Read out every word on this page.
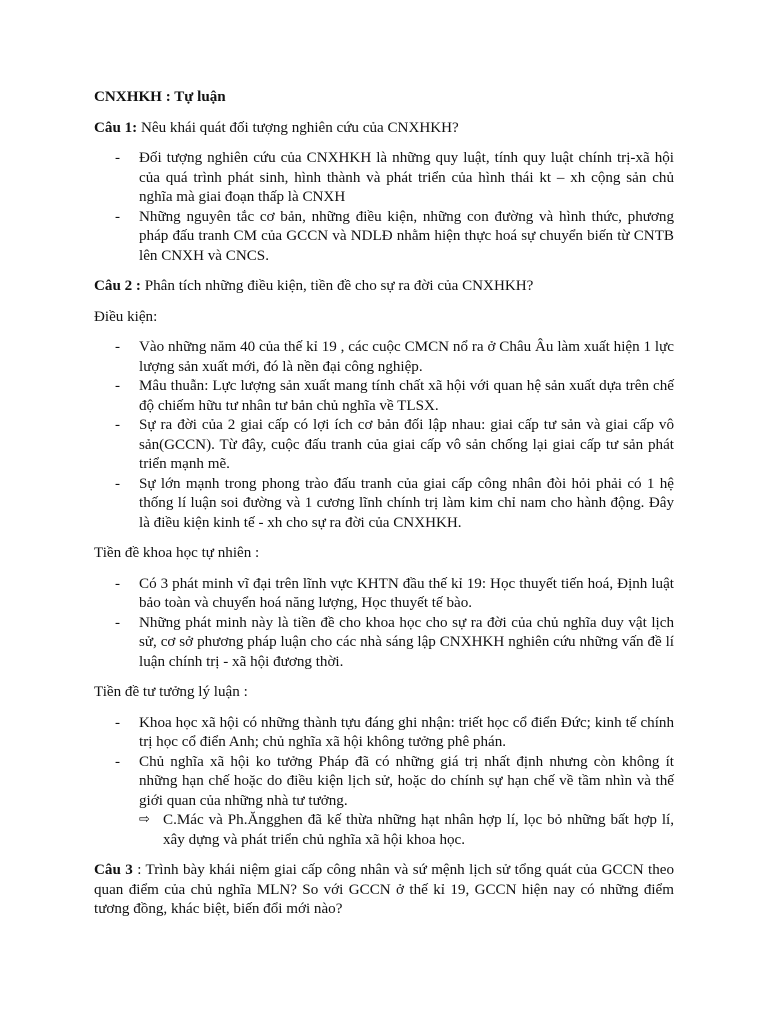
CNXHKH : Tự luận
Câu 1: Nêu khái quát đối tượng nghiên cứu của CNXHKH?
- Đối tượng nghiên cứu của CNXHKH là những quy luật, tính quy luật chính trị-xã hội của quá trình phát sinh, hình thành và phát triển của hình thái kt – xh cộng sản chủ nghĩa mà giai đoạn thấp là CNXH
- Những nguyên tắc cơ bản, những điều kiện, những con đường và hình thức, phương pháp đấu tranh CM của GCCN và NDLĐ nhằm hiện thực hoá sự chuyển biến từ CNTB lên CNXH và CNCS.
Câu 2 : Phân tích những điều kiện, tiền đề cho sự ra đời của CNXHKH?
Điều kiện:
- Vào những năm 40 của thế kỉ 19 , các cuộc CMCN nổ ra ở Châu Âu làm xuất hiện 1 lực lượng sản xuất mới, đó là nền đại công nghiệp.
- Mâu thuẫn: Lực lượng sản xuất mang tính chất xã hội với quan hệ sản xuất dựa trên chế độ chiếm hữu tư nhân tư bản chủ nghĩa về TLSX.
- Sự ra đời của 2 giai cấp có lợi ích cơ bản đối lập nhau: giai cấp tư sản và giai cấp vô sản(GCCN). Từ đây, cuộc đấu tranh của giai cấp vô sản chống lại giai cấp tư sản phát triển mạnh mẽ.
- Sự lớn mạnh trong phong trào đấu tranh của giai cấp công nhân đòi hỏi phải có 1 hệ thống lí luận soi đường và 1 cương lĩnh chính trị làm kim chỉ nam cho hành động. Đây là điều kiện kinh tế - xh cho sự ra đời của CNXHKH.
Tiền đề khoa học tự nhiên :
- Có 3 phát minh vĩ đại trên lĩnh vực KHTN đầu thế kỉ 19: Học thuyết tiến hoá, Định luật bảo toàn và chuyển hoá năng lượng, Học thuyết tế bào.
- Những phát minh này là tiền đề cho khoa học cho sự ra đời của chủ nghĩa duy vật lịch sử, cơ sở phương pháp luận cho các nhà sáng lập CNXHKH nghiên cứu những vấn đề lí luận chính trị - xã hội đương thời.
Tiền đề tư tưởng lý luận :
- Khoa học xã hội có những thành tựu đáng ghi nhận: triết học cổ điển Đức; kinh tế chính trị học cổ điển Anh; chủ nghĩa xã hội không tưởng phê phán.
- Chủ nghĩa xã hội ko tưởng Pháp đã có những giá trị nhất định nhưng còn không ít những hạn chế hoặc do điều kiện lịch sử, hoặc do chính sự hạn chế về tầm nhìn và thế giới quan của những nhà tư tưởng.
⇨ C.Mác và Ph.Ăngghen đã kế thừa những hạt nhân hợp lí, lọc bỏ những bất hợp lí, xây dựng và phát triển chủ nghĩa xã hội khoa học.
Câu 3 : Trình bày khái niệm giai cấp công nhân và sứ mệnh lịch sử tổng quát của GCCN theo quan điểm của chủ nghĩa MLN? So với GCCN ở thế kỉ 19, GCCN hiện nay có những điểm tương đồng, khác biệt, biến đổi mới nào?
